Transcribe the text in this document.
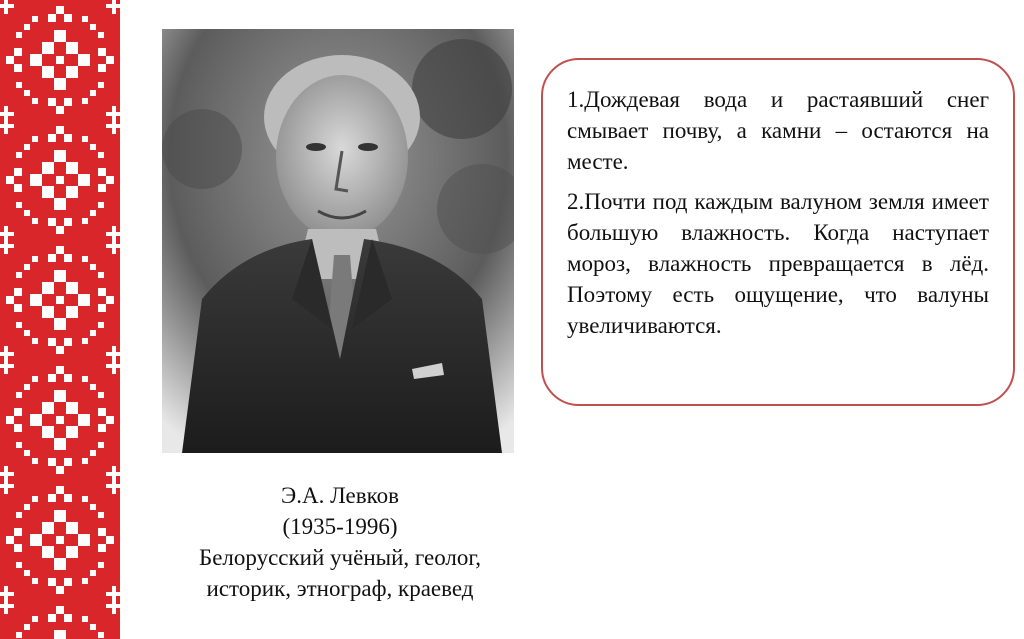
Э.А. Левков
(1935-1996)
Белорусский учёный, геолог,
историк, этнограф, краевед

1.Дождевая вода и растаявший снег смывает почву, а камни – остаются на месте.

2.Почти под каждым валуном земля имеет большую влажность. Когда наступает мороз, влажность превращается в лёд. Поэтому есть ощущение, что валуны увеличиваются.
